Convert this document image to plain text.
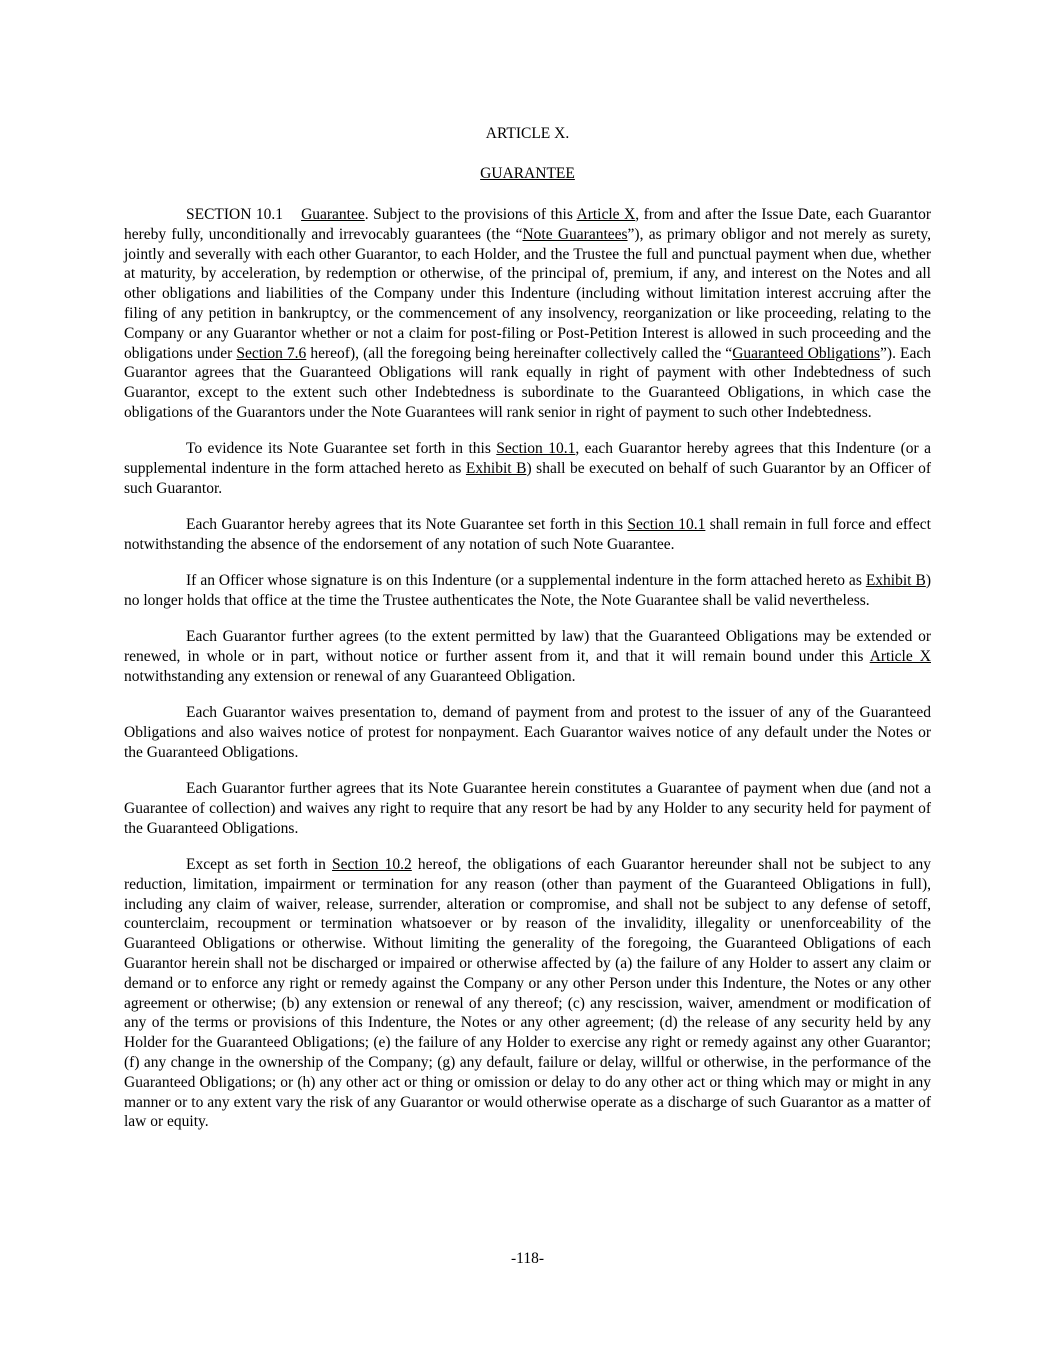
ARTICLE X.

GUARANTEE

SECTION 10.1 Guarantee. Subject to the provisions of this Article X, from and after the Issue Date, each Guarantor hereby fully, unconditionally and irrevocably guarantees (the “Note Guarantees”), as primary obligor and not merely as surety, jointly and severally with each other Guarantor, to each Holder, and the Trustee the full and punctual payment when due, whether at maturity, by acceleration, by redemption or otherwise, of the principal of, premium, if any, and interest on the Notes and all other obligations and liabilities of the Company under this Indenture (including without limitation interest accruing after the filing of any petition in bankruptcy, or the commencement of any insolvency, reorganization or like proceeding, relating to the Company or any Guarantor whether or not a claim for post-filing or Post-Petition Interest is allowed in such proceeding and the obligations under Section 7.6 hereof), (all the foregoing being hereinafter collectively called the “Guaranteed Obligations”). Each Guarantor agrees that the Guaranteed Obligations will rank equally in right of payment with other Indebtedness of such Guarantor, except to the extent such other Indebtedness is subordinate to the Guaranteed Obligations, in which case the obligations of the Guarantors under the Note Guarantees will rank senior in right of payment to such other Indebtedness.

To evidence its Note Guarantee set forth in this Section 10.1, each Guarantor hereby agrees that this Indenture (or a supplemental indenture in the form attached hereto as Exhibit B) shall be executed on behalf of such Guarantor by an Officer of such Guarantor.

Each Guarantor hereby agrees that its Note Guarantee set forth in this Section 10.1 shall remain in full force and effect notwithstanding the absence of the endorsement of any notation of such Note Guarantee.

If an Officer whose signature is on this Indenture (or a supplemental indenture in the form attached hereto as Exhibit B) no longer holds that office at the time the Trustee authenticates the Note, the Note Guarantee shall be valid nevertheless.

Each Guarantor further agrees (to the extent permitted by law) that the Guaranteed Obligations may be extended or renewed, in whole or in part, without notice or further assent from it, and that it will remain bound under this Article X notwithstanding any extension or renewal of any Guaranteed Obligation.

Each Guarantor waives presentation to, demand of payment from and protest to the issuer of any of the Guaranteed Obligations and also waives notice of protest for nonpayment. Each Guarantor waives notice of any default under the Notes or the Guaranteed Obligations.

Each Guarantor further agrees that its Note Guarantee herein constitutes a Guarantee of payment when due (and not a Guarantee of collection) and waives any right to require that any resort be had by any Holder to any security held for payment of the Guaranteed Obligations.

Except as set forth in Section 10.2 hereof, the obligations of each Guarantor hereunder shall not be subject to any reduction, limitation, impairment or termination for any reason (other than payment of the Guaranteed Obligations in full), including any claim of waiver, release, surrender, alteration or compromise, and shall not be subject to any defense of setoff, counterclaim, recoupment or termination whatsoever or by reason of the invalidity, illegality or unenforceability of the Guaranteed Obligations or otherwise. Without limiting the generality of the foregoing, the Guaranteed Obligations of each Guarantor herein shall not be discharged or impaired or otherwise affected by (a) the failure of any Holder to assert any claim or demand or to enforce any right or remedy against the Company or any other Person under this Indenture, the Notes or any other agreement or otherwise; (b) any extension or renewal of any thereof; (c) any rescission, waiver, amendment or modification of any of the terms or provisions of this Indenture, the Notes or any other agreement; (d) the release of any security held by any Holder for the Guaranteed Obligations; (e) the failure of any Holder to exercise any right or remedy against any other Guarantor; (f) any change in the ownership of the Company; (g) any default, failure or delay, willful or otherwise, in the performance of the Guaranteed Obligations; or (h) any other act or thing or omission or delay to do any other act or thing which may or might in any manner or to any extent vary the risk of any Guarantor or would otherwise operate as a discharge of such Guarantor as a matter of law or equity.

-118-
